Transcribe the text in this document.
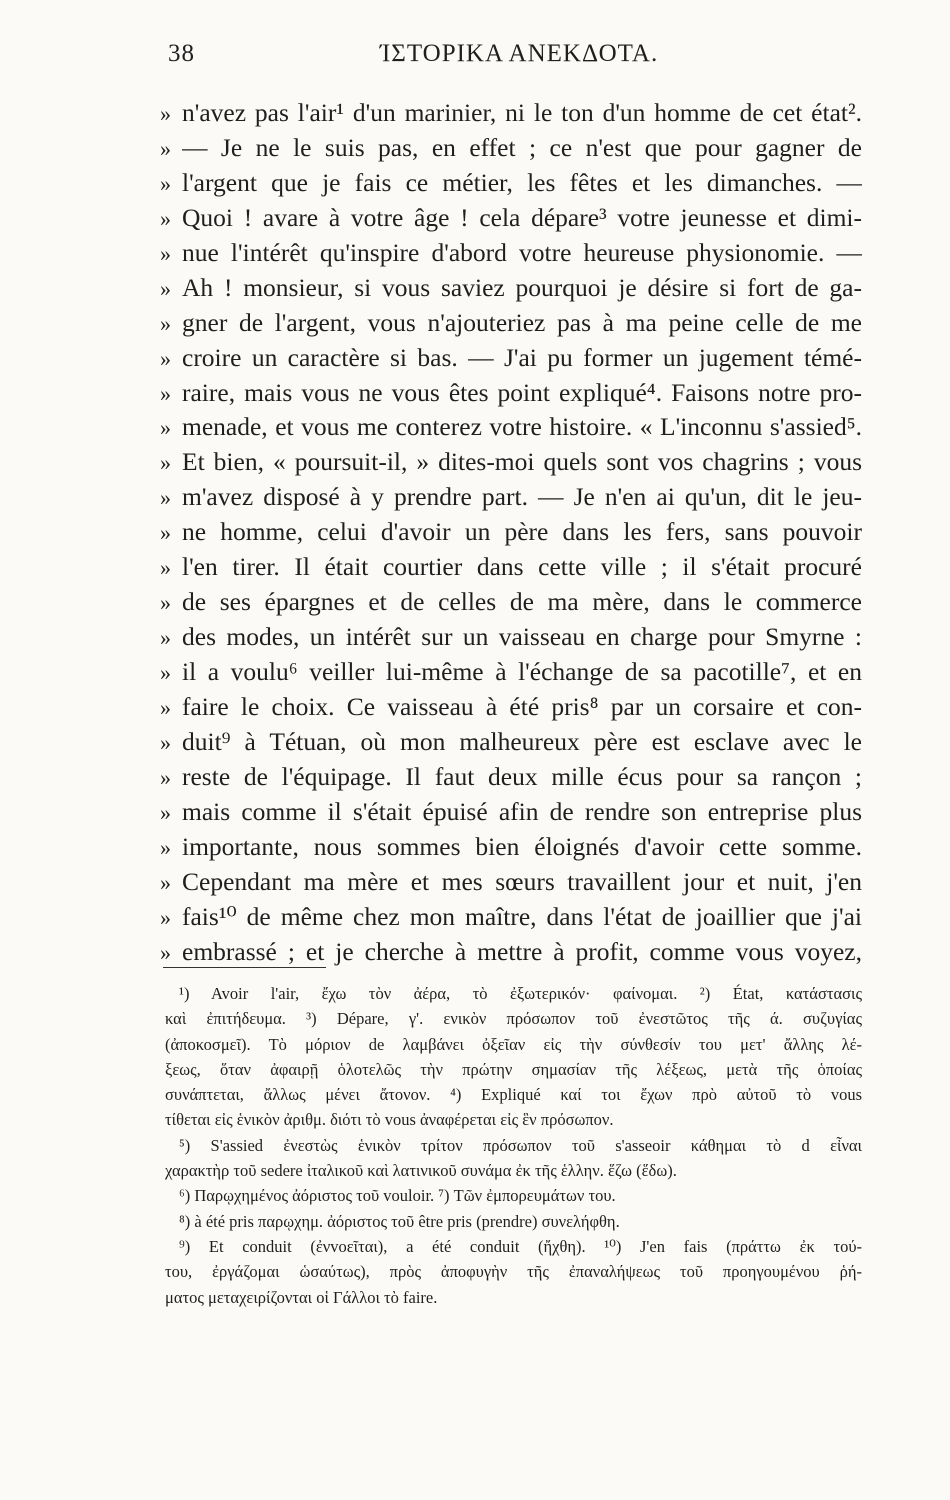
38	ΊΣΤΟΡΙΚΑ ΑΝΕΚΔΟΤΑ.
» n'avez pas l'air¹ d'un marinier, ni le ton d'un homme de cet état².
» — Je ne le suis pas, en effet ; ce n'est que pour gagner de
» l'argent que je fais ce métier, les fêtes et les dimanches. —
» Quoi ! avare à votre âge ! cela dépare³ votre jeunesse et dimi-
» nue l'intérêt qu'inspire d'abord votre heureuse physionomie. —
» Ah ! monsieur, si vous saviez pourquoi je désire si fort de ga-
» gner de l'argent, vous n'ajouteriez pas à ma peine celle de me
» croire un caractère si bas. — J'ai pu former un jugement témé-
» raire, mais vous ne vous êtes point expliqué⁴. Faisons notre pro-
» menade, et vous me conterez votre histoire. « L'inconnu s'assied⁵.
» Et bien, « poursuit-il, » dites-moi quels sont vos chagrins ; vous
» m'avez disposé à y prendre part. — Je n'en ai qu'un, dit le jeu-
» ne homme, celui d'avoir un père dans les fers, sans pouvoir
» l'en tirer. Il était courtier dans cette ville ; il s'était procuré
» de ses épargnes et de celles de ma mère, dans le commerce
» des modes, un intérêt sur un vaisseau en charge pour Smyrne :
» il a voulu⁶ veiller lui-même à l'échange de sa pacotille⁷, et en
» faire le choix. Ce vaisseau à été pris⁸ par un corsaire et con-
» duit⁹ à Tétuan, où mon malheureux père est esclave avec le
» reste de l'équipage. Il faut deux mille écus pour sa rançon ;
» mais comme il s'était épuisé afin de rendre son entreprise plus
» importante, nous sommes bien éloignés d'avoir cette somme.
» Cependant ma mère et mes sœurs travaillent jour et nuit, j'en
» fais¹⁰ de même chez mon maître, dans l'état de joaillier que j'ai
» embrassé ; et je cherche à mettre à profit, comme vous voyez,
¹) Avoir l'air, ἔχω τὸν ἀέρα, τὸ ἐξωτερικόν· φαίνομαι. ²) État, κατάστασις
καὶ ἐπιτήδευμα. ³) Dépare, γ'. ενικὸν πρόσωπον τοῦ ἐνεστῶτος τῆς ά. συζυγίας
(ἀποκοσμεῖ). Τὸ μόριον de λαμβάνει ὀξεῖαν εἰς τὴν σύνθεσίν του μετ' ἄλλης λέ-
ξεως, ὅταν ἀφαιρῇ ὁλοτελῶς τὴν πρώτην σημασίαν τῆς λέξεως, μετὰ τῆς ὁποίας
συνάπτεται, ἄλλως μένει ἄτονον. ⁴) Expliqué καί τοι ἔχων πρὸ αὐτοῦ τὸ vous
τίθεται εἰς ἑνικὸν ἀριθμ. διότι τὸ vous ἀναφέρεται εἰς ἓν πρόσωπον.
⁵) S'assied ἐνεστὼς ἑνικὸν τρίτον πρόσωπον τοῦ s'asseoir κάθημαι τὸ d εἶναι
χαρακτὴρ τοῦ sedere ἰταλικοῦ καὶ λατινικοῦ συνάμα ἐκ τῆς ἑλλην. ἕζω (ἕδω).
⁶) Παρῳχημένος ἀόριστος τοῦ vouloir. ⁷) Τῶν ἐμπορευμάτων του.
⁸) à été pris παρῳχημ. ἀόριστος τοῦ être pris (prendre) συνελήφθη.
⁹) Et conduit (ἐνvοεῖται), a été conduit (ἤχθη). ¹⁰) J'en fais (πράττω ἐκ τού-
του, ἐργάζομαι ὡσαύτως), πρὸς ἀποφυγὴν τῆς ἐπαναλήψεως τοῦ προηγουμένου ῥή-
ματος μεταχειρίζονται οἱ Γάλλοι τὸ faire.
